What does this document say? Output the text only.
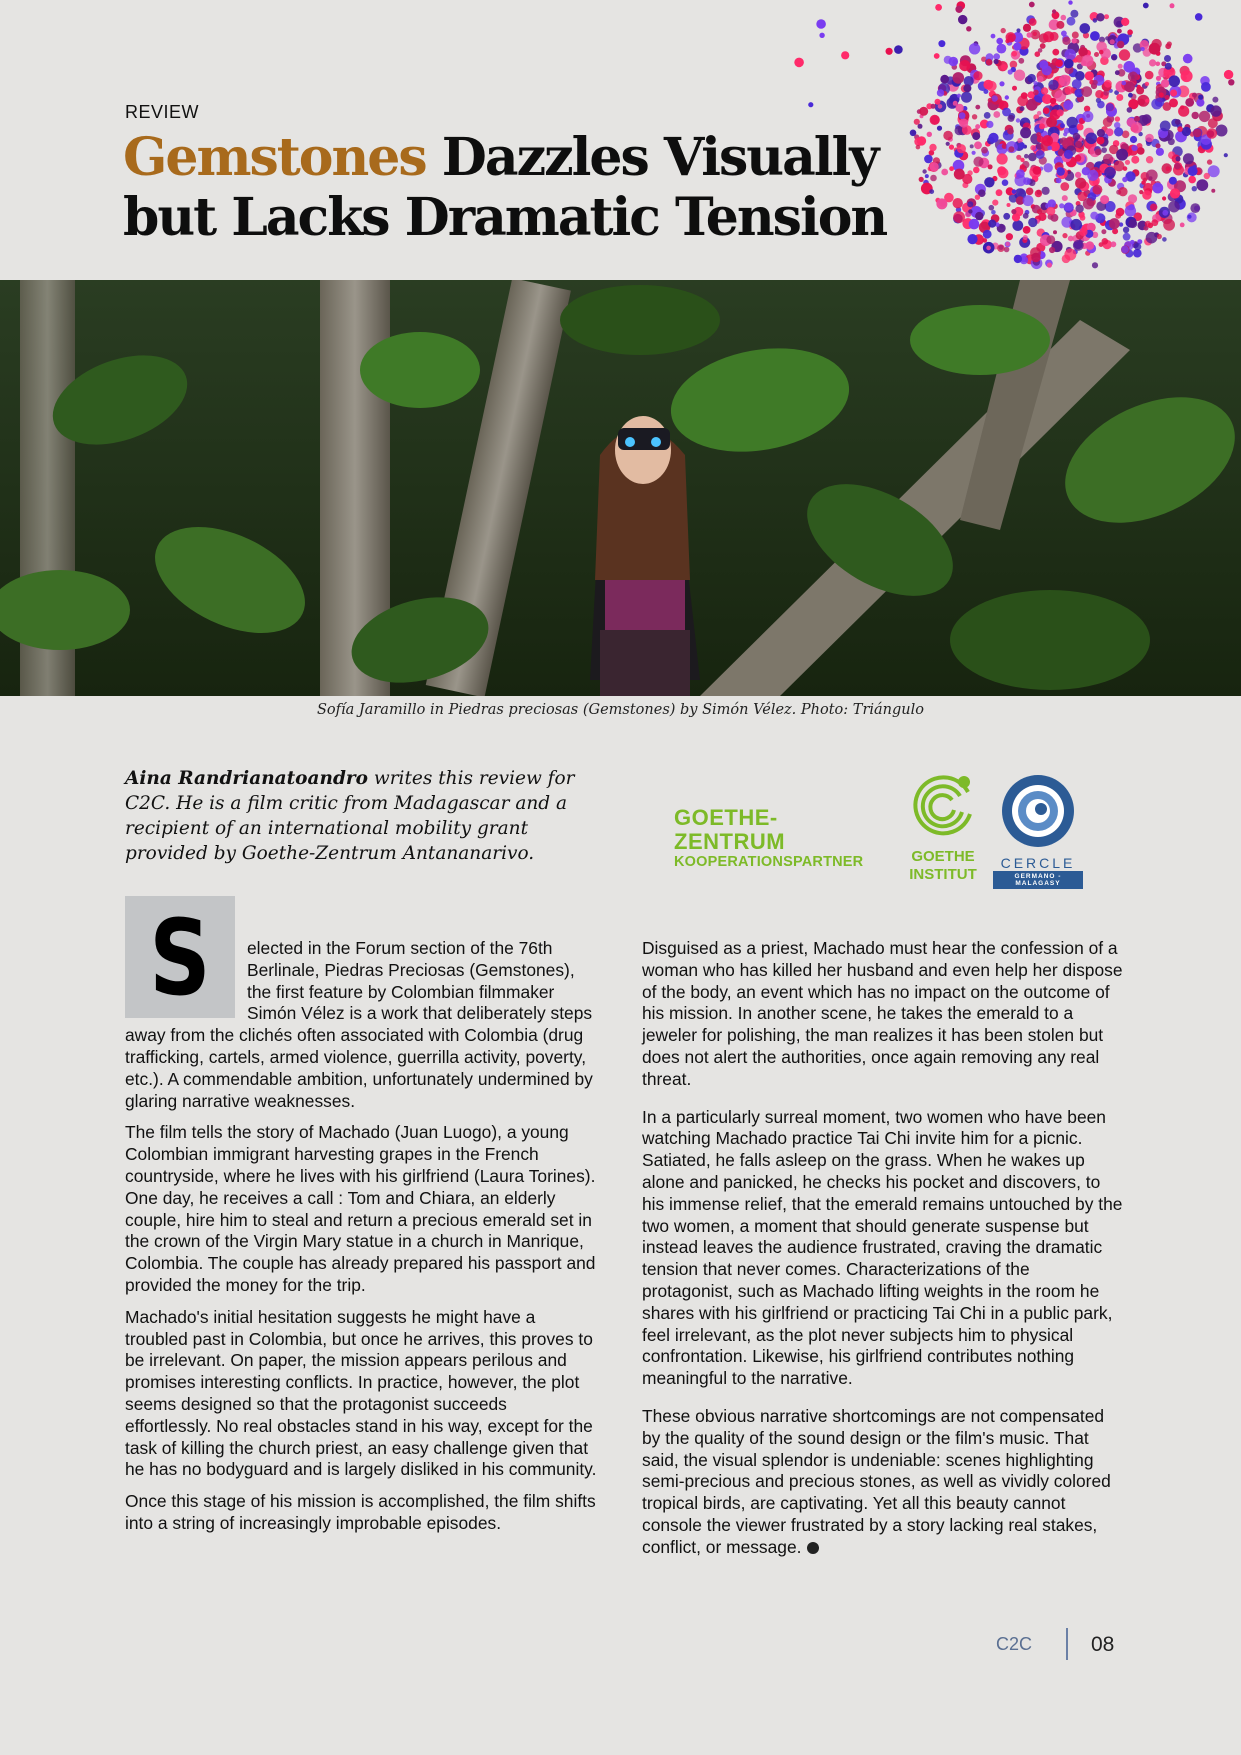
REVIEW
Gemstones Dazzles Visually but Lacks Dramatic Tension
Sofía Jaramillo in Piedras preciosas (Gemstones) by Simón Vélez. Photo: Triángulo
Aina Randrianatoandro writes this review for C2C. He is a film critic from Madagascar and a recipient of an international mobility grant provided by Goethe-Zentrum Antananarivo.
GOETHE-ZENTRUM
KOOPERATIONSPARTNER	GOETHE
INSTITUT
CERCLE
GERMANO - MALAGASY

S	elected in the Forum section of the 76th Berlinale, Piedras Preciosas (Gemstones), the first feature by Colombian filmmaker Simón Vélez is a work that deliberately steps away from the clichés often associated with Colombia (drug trafficking, cartels, armed violence, guerrilla activity, poverty, etc.). A commendable ambition, unfortunately undermined by glaring narrative weaknesses.

The film tells the story of Machado (Juan Luogo), a young Colombian immigrant harvesting grapes in the French countryside, where he lives with his girlfriend (Laura Torines). One day, he receives a call : Tom and Chiara, an elderly couple, hire him to steal and return a precious emerald set in the crown of the Virgin Mary statue in a church in Manrique, Colombia. The couple has already prepared his passport and provided the money for the trip.

Machado's initial hesitation suggests he might have a troubled past in Colombia, but once he arrives, this proves to be irrelevant. On paper, the mission appears perilous and promises interesting conflicts. In practice, however, the plot seems designed so that the protagonist succeeds effortlessly. No real obstacles stand in his way, except for the task of killing the church priest, an easy challenge given that he has no bodyguard and is largely disliked in his community.

Once this stage of his mission is accomplished, the film shifts into a string of increasingly improbable episodes.

Disguised as a priest, Machado must hear the confession of a woman who has killed her husband and even help her dispose of the body, an event which has no impact on the outcome of his mission. In another scene, he takes the emerald to a jeweler for polishing, the man realizes it has been stolen but does not alert the authorities, once again removing any real threat.

In a particularly surreal moment, two women who have been watching Machado practice Tai Chi invite him for a picnic. Satiated, he falls asleep on the grass. When he wakes up alone and panicked, he checks his pocket and discovers, to his immense relief, that the emerald remains untouched by the two women, a moment that should generate suspense but instead leaves the audience frustrated, craving the dramatic tension that never comes. Characterizations of the protagonist, such as Machado lifting weights in the room he shares with his girlfriend or practicing Tai Chi in a public park, feel irrelevant, as the plot never subjects him to physical confrontation. Likewise, his girlfriend contributes nothing meaningful to the narrative.

These obvious narrative shortcomings are not compensated by the quality of the sound design or the film's music. That said, the visual splendor is undeniable: scenes highlighting semi-precious and precious stones, as well as vividly colored tropical birds, are captivating. Yet all this beauty cannot console the viewer frustrated by a story lacking real stakes, conflict, or message.

C2C	08
